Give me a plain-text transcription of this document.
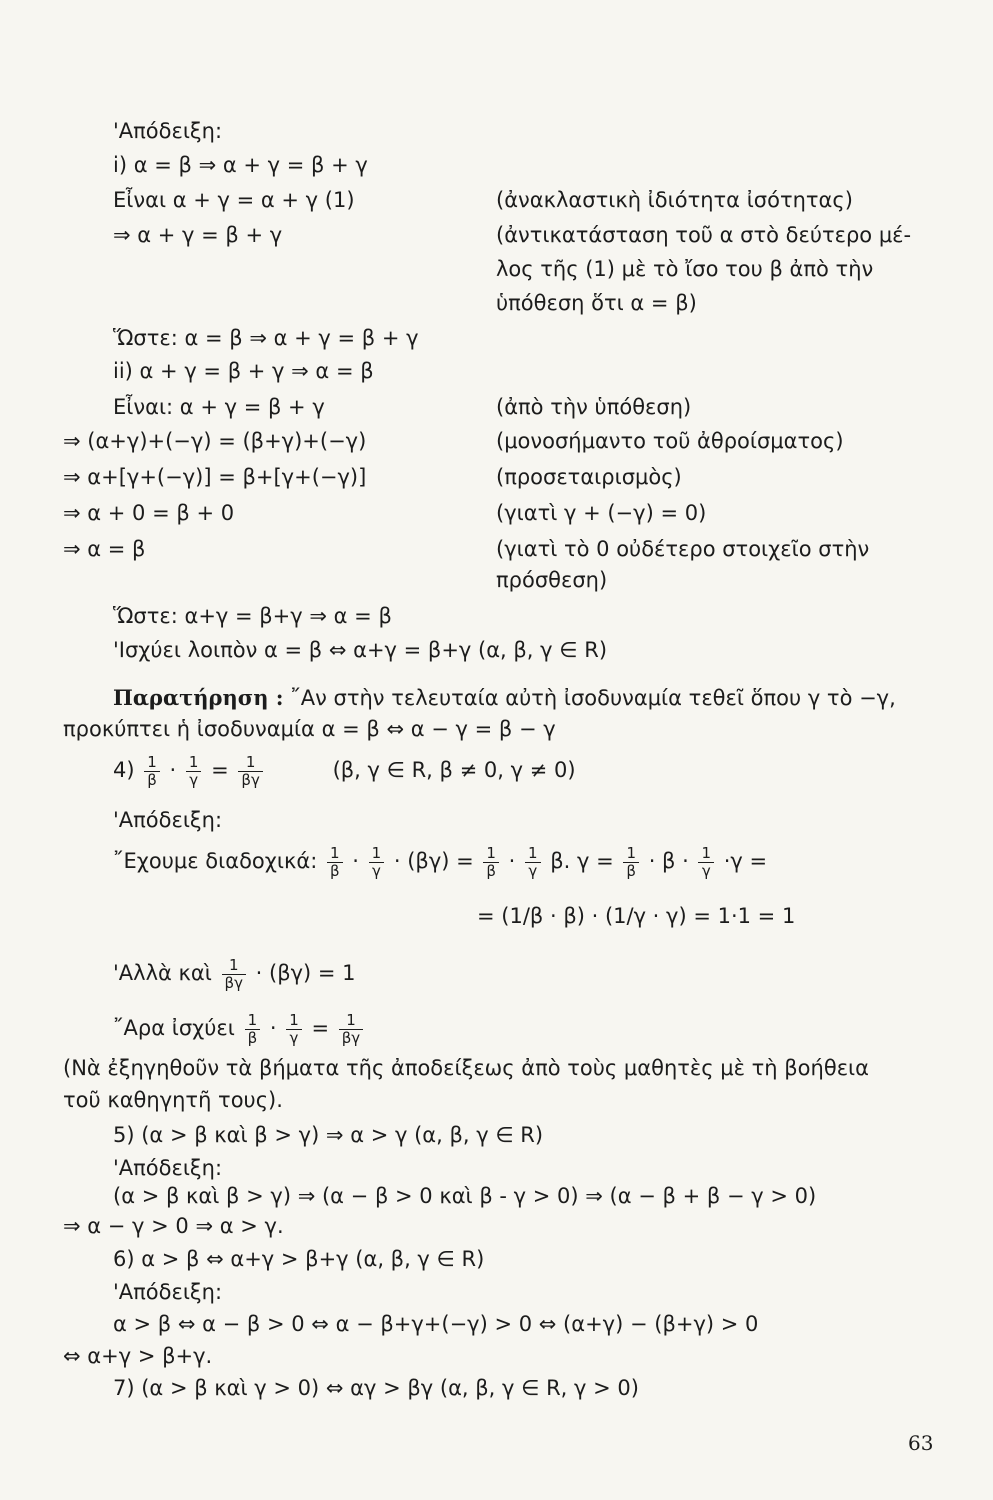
'Απόδειξη:
i) α = β ⇒ α + γ = β + γ
Εἶναι α + γ = α + γ (1)	(ἀνακλαστικὴ ἰδιότητα ἰσότητας)
⇒ α + γ = β + γ	(ἀντικατάσταση τοῦ α στὸ δεύτερο μέ-
λος τῆς (1) μὲ τὸ ἴσο του β ἀπὸ τὴν
ὑπόθεση ὅτι α = β)
Ὥστε: α = β ⇒ α + γ = β + γ
ii) α + γ = β + γ ⇒ α = β
Εἶναι: α + γ = β + γ	(ἀπὸ τὴν ὑπόθεση)
⇒ (α+γ)+(−γ) = (β+γ)+(−γ)	(μονοσήμαντο τοῦ ἀθροίσματος)
⇒ α+[γ+(−γ)] = β+[γ+(−γ)]	(προσεταιρισμὸς)
⇒ α + 0 = β + 0	(γιατὶ γ + (−γ) = 0)
⇒ α = β	(γιατὶ τὸ 0 οὐδέτερο στοιχεῖο στὴν
πρόσθεση)
Ὥστε: α+γ = β+γ ⇒ α = β
'Ισχύει λοιπὸν α = β ⇔ α+γ = β+γ (α, β, γ ∈ R)
Παρατήρηση : ῎Αν στὴν τελευταία αὐτὴ ἰσοδυναμία τεθεῖ ὅπου γ τὸ −γ,
προκύπτει ἡ ἰσοδυναμία α = β ⇔ α − γ = β − γ
$4) \frac{1}{\beta} \cdot \frac{1}{\gamma} = \frac{1}{\beta\gamma}$	(β, γ ∈ R, β ≠ 0, γ ≠ 0)
'Απόδειξη:
῎Εχουμε διαδοχικά: $\frac{1}{\beta} \cdot \frac{1}{\gamma} \cdot (\beta\gamma) = \frac{1}{\beta} \cdot \frac{1}{\gamma} \beta$. $\gamma = \frac{1}{\beta} \cdot \beta \cdot \frac{1}{\gamma} \cdot\gamma$ =
= (1/β · β) · (1/γ · γ) = 1·1 = 1
'Αλλὰ καὶ $\frac{1}{\beta\gamma} \cdot (\beta\gamma) = 1$
῎Αρα ἰσχύει $\frac{1}{\beta} \cdot \frac{1}{\gamma} = \frac{1}{\beta\gamma}$
(Νὰ ἐξηγηθοῦν τὰ βήματα τῆς ἀποδείξεως ἀπὸ τοὺς μαθητὲς μὲ τὴ βοήθεια
τοῦ καθηγητῆ τους).
5) (α > β καὶ β > γ) ⇒ α > γ (α, β, γ ∈ R)
'Απόδειξη:
(α > β καὶ β > γ) ⇒ (α − β > 0 καὶ β - γ > 0) ⇒ (α − β + β − γ > 0)
⇒ α − γ > 0 ⇒ α > γ.
6) α > β ⇔ α+γ > β+γ (α, β, γ ∈ R)
'Απόδειξη:
α > β ⇔ α − β > 0 ⇔ α − β+γ+(−γ) > 0 ⇔ (α+γ) − (β+γ) > 0
⇔ α+γ > β+γ.
7) (α > β καὶ γ > 0) ⇔ αγ > βγ (α, β, γ ∈ R, γ > 0)
63
